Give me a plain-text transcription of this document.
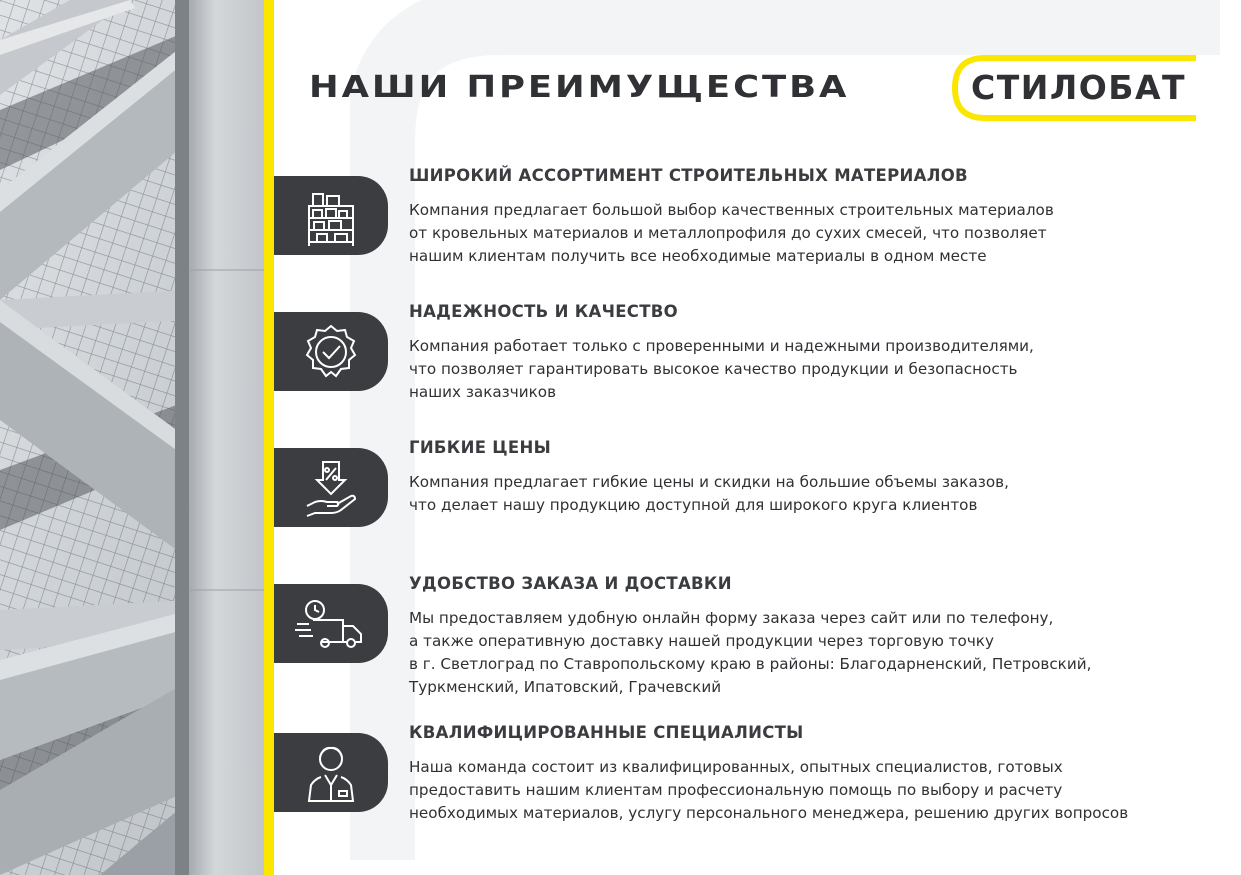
НАШИ ПРЕИМУЩЕСТВА	СТИЛОБАТ
ШИРОКИЙ АССОРТИМЕНТ СТРОИТЕЛЬНЫХ МАТЕРИАЛОВ

Компания предлагает большой выбор качественных строительных материалов
от кровельных материалов и металлопрофиля до сухих смесей, что позволяет
нашим клиентам получить все необходимые материалы в одном месте

НАДЕЖНОСТЬ И КАЧЕСТВО

Компания работает только с проверенными и надежными производителями,
что позволяет гарантировать высокое качество продукции и безопасность
наших заказчиков

ГИБКИЕ ЦЕНЫ

Компания предлагает гибкие цены и скидки на большие объемы заказов,
что делает нашу продукцию доступной для широкого круга клиентов

УДОБСТВО ЗАКАЗА И ДОСТАВКИ

Мы предоставляем удобную онлайн форму заказа через сайт или по телефону,
а также оперативную доставку нашей продукции через торговую точку
в г. Светлоград по Ставропольскому краю в районы: Благодарненский, Петровский,
Туркменский, Ипатовский, Грачевский

КВАЛИФИЦИРОВАННЫЕ СПЕЦИАЛИСТЫ

Наша команда состоит из квалифицированных, опытных специалистов, готовых
предоставить нашим клиентам профессиональную помощь по выбору и расчету
необходимых материалов, услугу персонального менеджера, решению других вопросов
